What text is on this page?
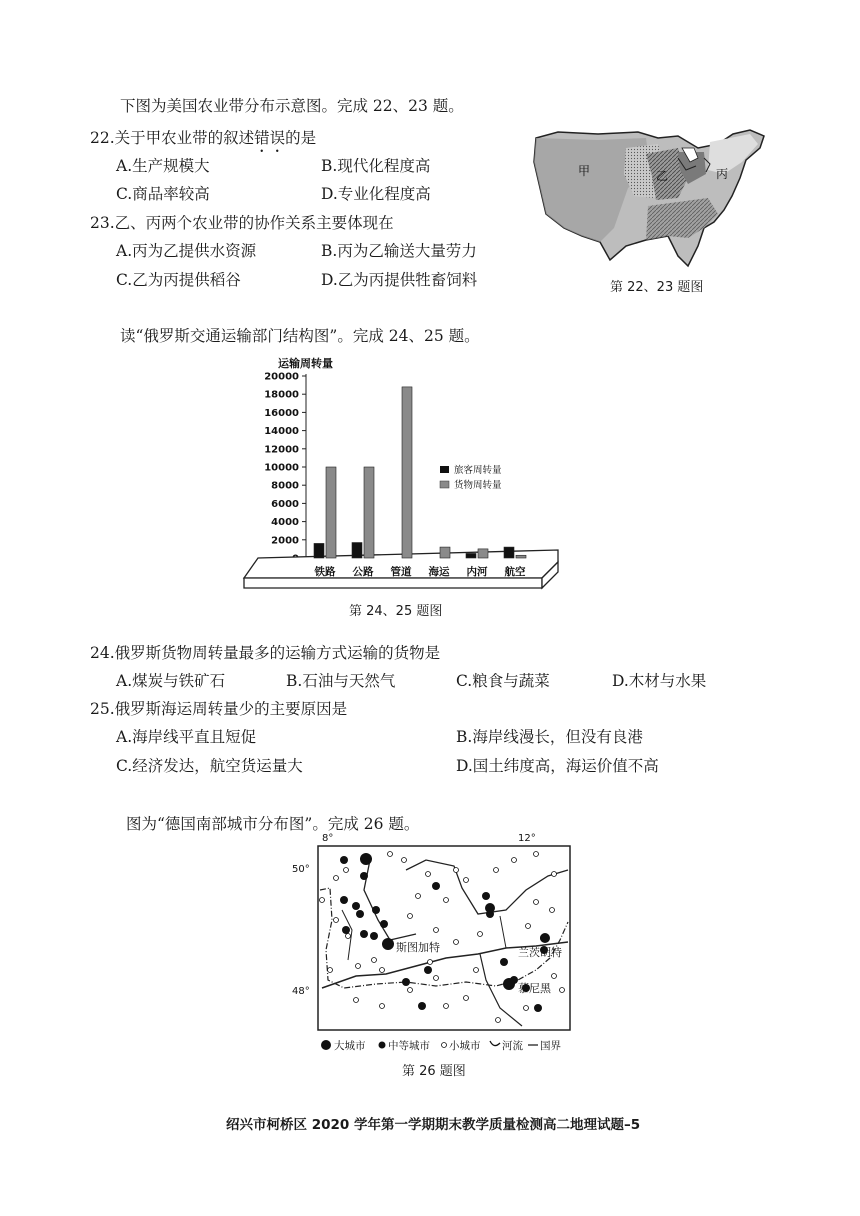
下图为美国农业带分布示意图。完成 22、23 题。
22.关于甲农业带的叙述错误的是
A.生产规模大	B.现代化程度高
C.商品率较高	D.专业化程度高
23.乙、丙两个农业带的协作关系主要体现在
A.丙为乙提供水资源	B.丙为乙输送大量劳力
C.乙为丙提供稻谷	D.乙为丙提供牲畜饲料
甲	乙	丙
第 22、23 题图
读“俄罗斯交通运输部门结构图”。完成 24、25 题。
运输周转量
2000
4000
6000
8000
10000
12000
14000
16000
18000
20000
铁路 公路 管道 海运 内河 航空
旅客周转量
货物周转量
第 24、25 题图
24.俄罗斯货物周转量最多的运输方式运输的货物是
A.煤炭与铁矿石	B.石油与天然气	C.粮食与蔬菜	D.木材与水果
25.俄罗斯海运周转量少的主要原因是
A.海岸线平直且短促	B.海岸线漫长，但没有良港
C.经济发达，航空货运量大	D.国土纬度高，海运价值不高
图为“德国南部城市分布图”。完成 26 题。
8°	12°
50°
48°
斯图加特	兰茨胡特
慕尼黑
大城市 中等城市 小城市 河流 国界
第 26 题图
绍兴市柯桥区 2020 学年第一学期期末教学质量检测高二地理试题–5
